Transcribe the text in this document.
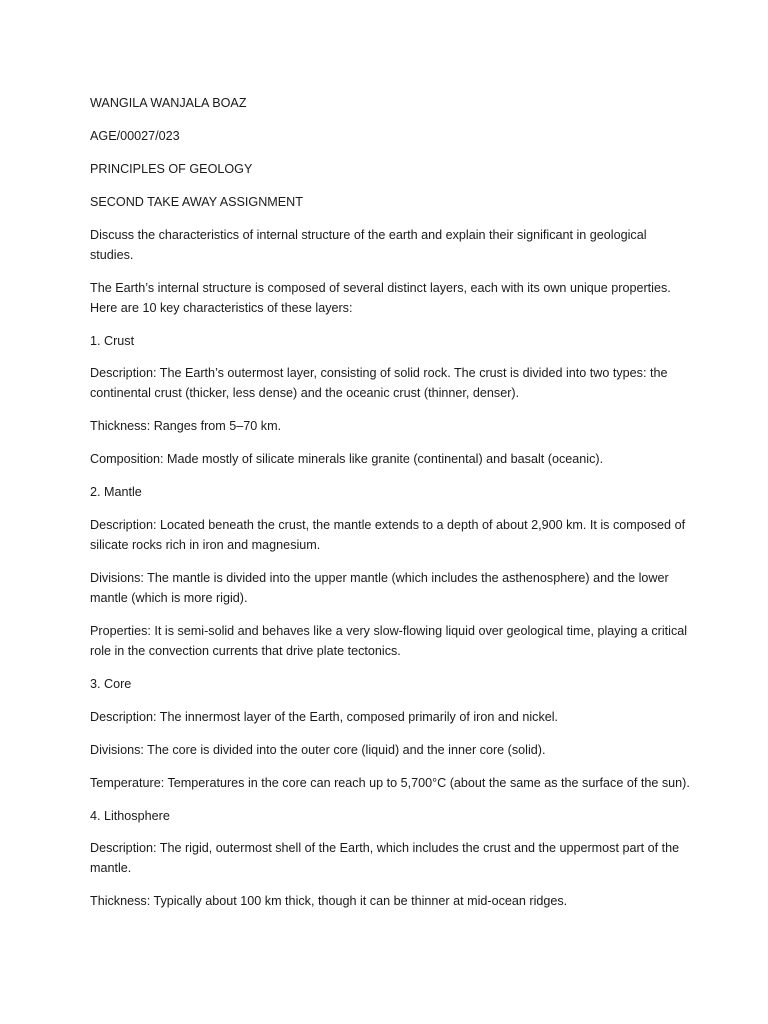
WANGILA WANJALA BOAZ

AGE/00027/023

PRINCIPLES OF GEOLOGY

SECOND TAKE AWAY ASSIGNMENT

Discuss the characteristics of internal structure of the earth and explain their significant in geological studies.

The Earth’s internal structure is composed of several distinct layers, each with its own unique properties. Here are 10 key characteristics of these layers:

1. Crust

Description: The Earth’s outermost layer, consisting of solid rock. The crust is divided into two types: the continental crust (thicker, less dense) and the oceanic crust (thinner, denser).

Thickness: Ranges from 5–70 km.

Composition: Made mostly of silicate minerals like granite (continental) and basalt (oceanic).

2. Mantle

Description: Located beneath the crust, the mantle extends to a depth of about 2,900 km. It is composed of silicate rocks rich in iron and magnesium.

Divisions: The mantle is divided into the upper mantle (which includes the asthenosphere) and the lower mantle (which is more rigid).

Properties: It is semi-solid and behaves like a very slow-flowing liquid over geological time, playing a critical role in the convection currents that drive plate tectonics.

3. Core

Description: The innermost layer of the Earth, composed primarily of iron and nickel.

Divisions: The core is divided into the outer core (liquid) and the inner core (solid).

Temperature: Temperatures in the core can reach up to 5,700°C (about the same as the surface of the sun).

4. Lithosphere

Description: The rigid, outermost shell of the Earth, which includes the crust and the uppermost part of the mantle.

Thickness: Typically about 100 km thick, though it can be thinner at mid-ocean ridges.
